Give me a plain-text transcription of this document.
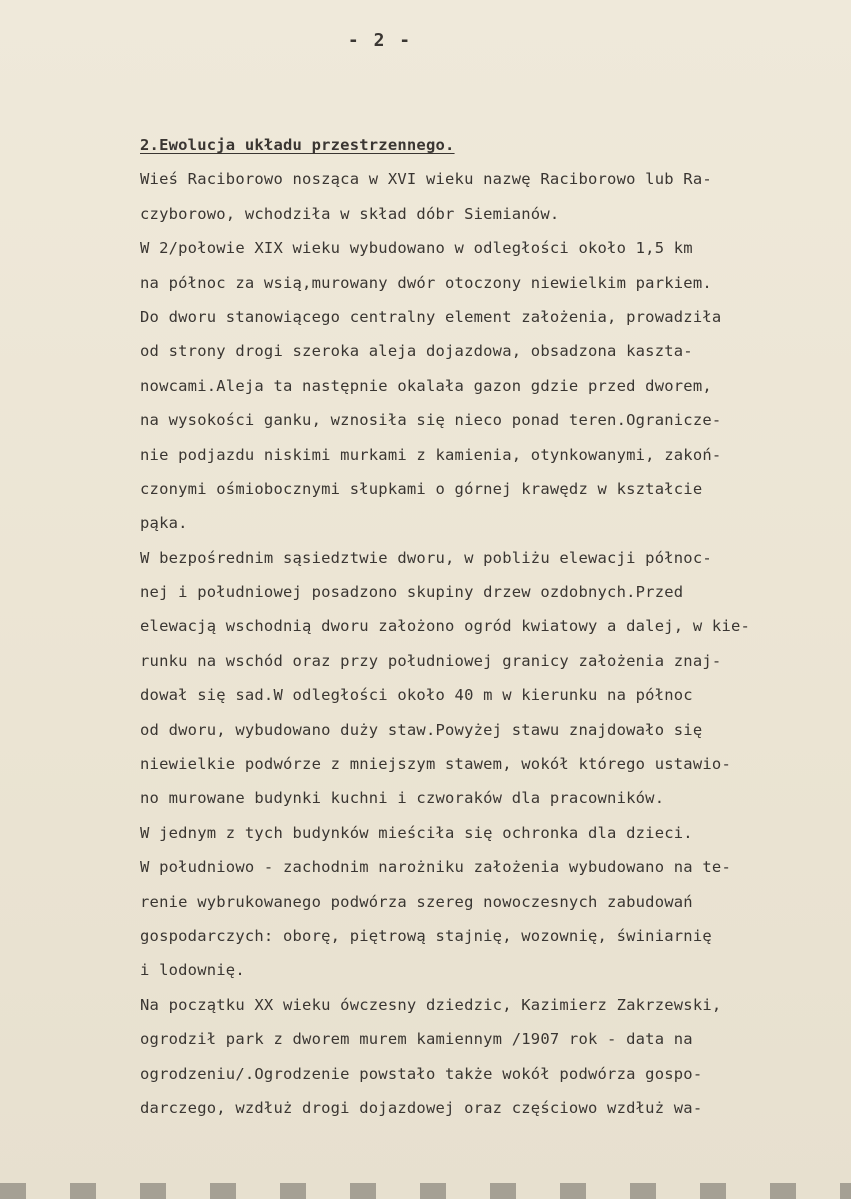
- 2 -
2.Ewolucja układu przestrzennego.
Wieś Raciborowo nosząca w XVI wieku nazwę Raciborowo lub Ra-
czyborowo, wchodziła w skład dóbr Siemianów.
W 2/połowie XIX wieku wybudowano w odległości około 1,5 km
na północ za wsią,murowany dwór otoczony niewielkim parkiem.
Do dworu stanowiącego centralny element założenia, prowadziła
od strony drogi szeroka aleja dojazdowa, obsadzona kaszta-
nowcami.Aleja ta następnie okalała gazon gdzie przed dworem,
na wysokości ganku, wznosiła się nieco ponad teren.Ograniczе-
nie podjazdu niskimi murkami z kamienia, otynkowanymi, zakoń-
czonymi ośmiobocznymi słupkami o górnej krawędz w kształcie
pąka.
W bezpośrednim sąsiedztwie dworu, w pobliżu elewacji północ-
nej i południowej posadzono skupiny drzew ozdobnych.Przed
elewacją wschodnią dworu założono ogród kwiatowy a dalej, w kie-
runku na wschód oraz przy południowej granicy założenia znaj-
dował się sad.W odległości około 40 m w kierunku na północ
od dworu, wybudowano duży staw.Powyżej stawu znajdowało się
niewielkie podwórze z mniejszym stawem, wokół którego ustawio-
no murowane budynki kuchni i czworaków dla pracowników.
W jednym z tych budynków mieściła się ochronka dla dzieci.
W południowo - zachodnim narożniku założenia wybudowano na te-
renie wybrukowanego podwórza szereg nowoczesnych zabudowań
gospodarczych: oborę, piętrową stajnię, wozownię, świniarnię
i lodownię.
Na początku XX wieku ówczesny dziedzic, Kazimierz Zakrzewski,
ogrodził park z dworem murem kamiennym /1907 rok - data na
ogrodzeniu/.Ogrodzenie powstało także wokół podwórza gospo-
darczego, wzdłuż drogi dojazdowej oraz częściowo wzdłuż wa-
